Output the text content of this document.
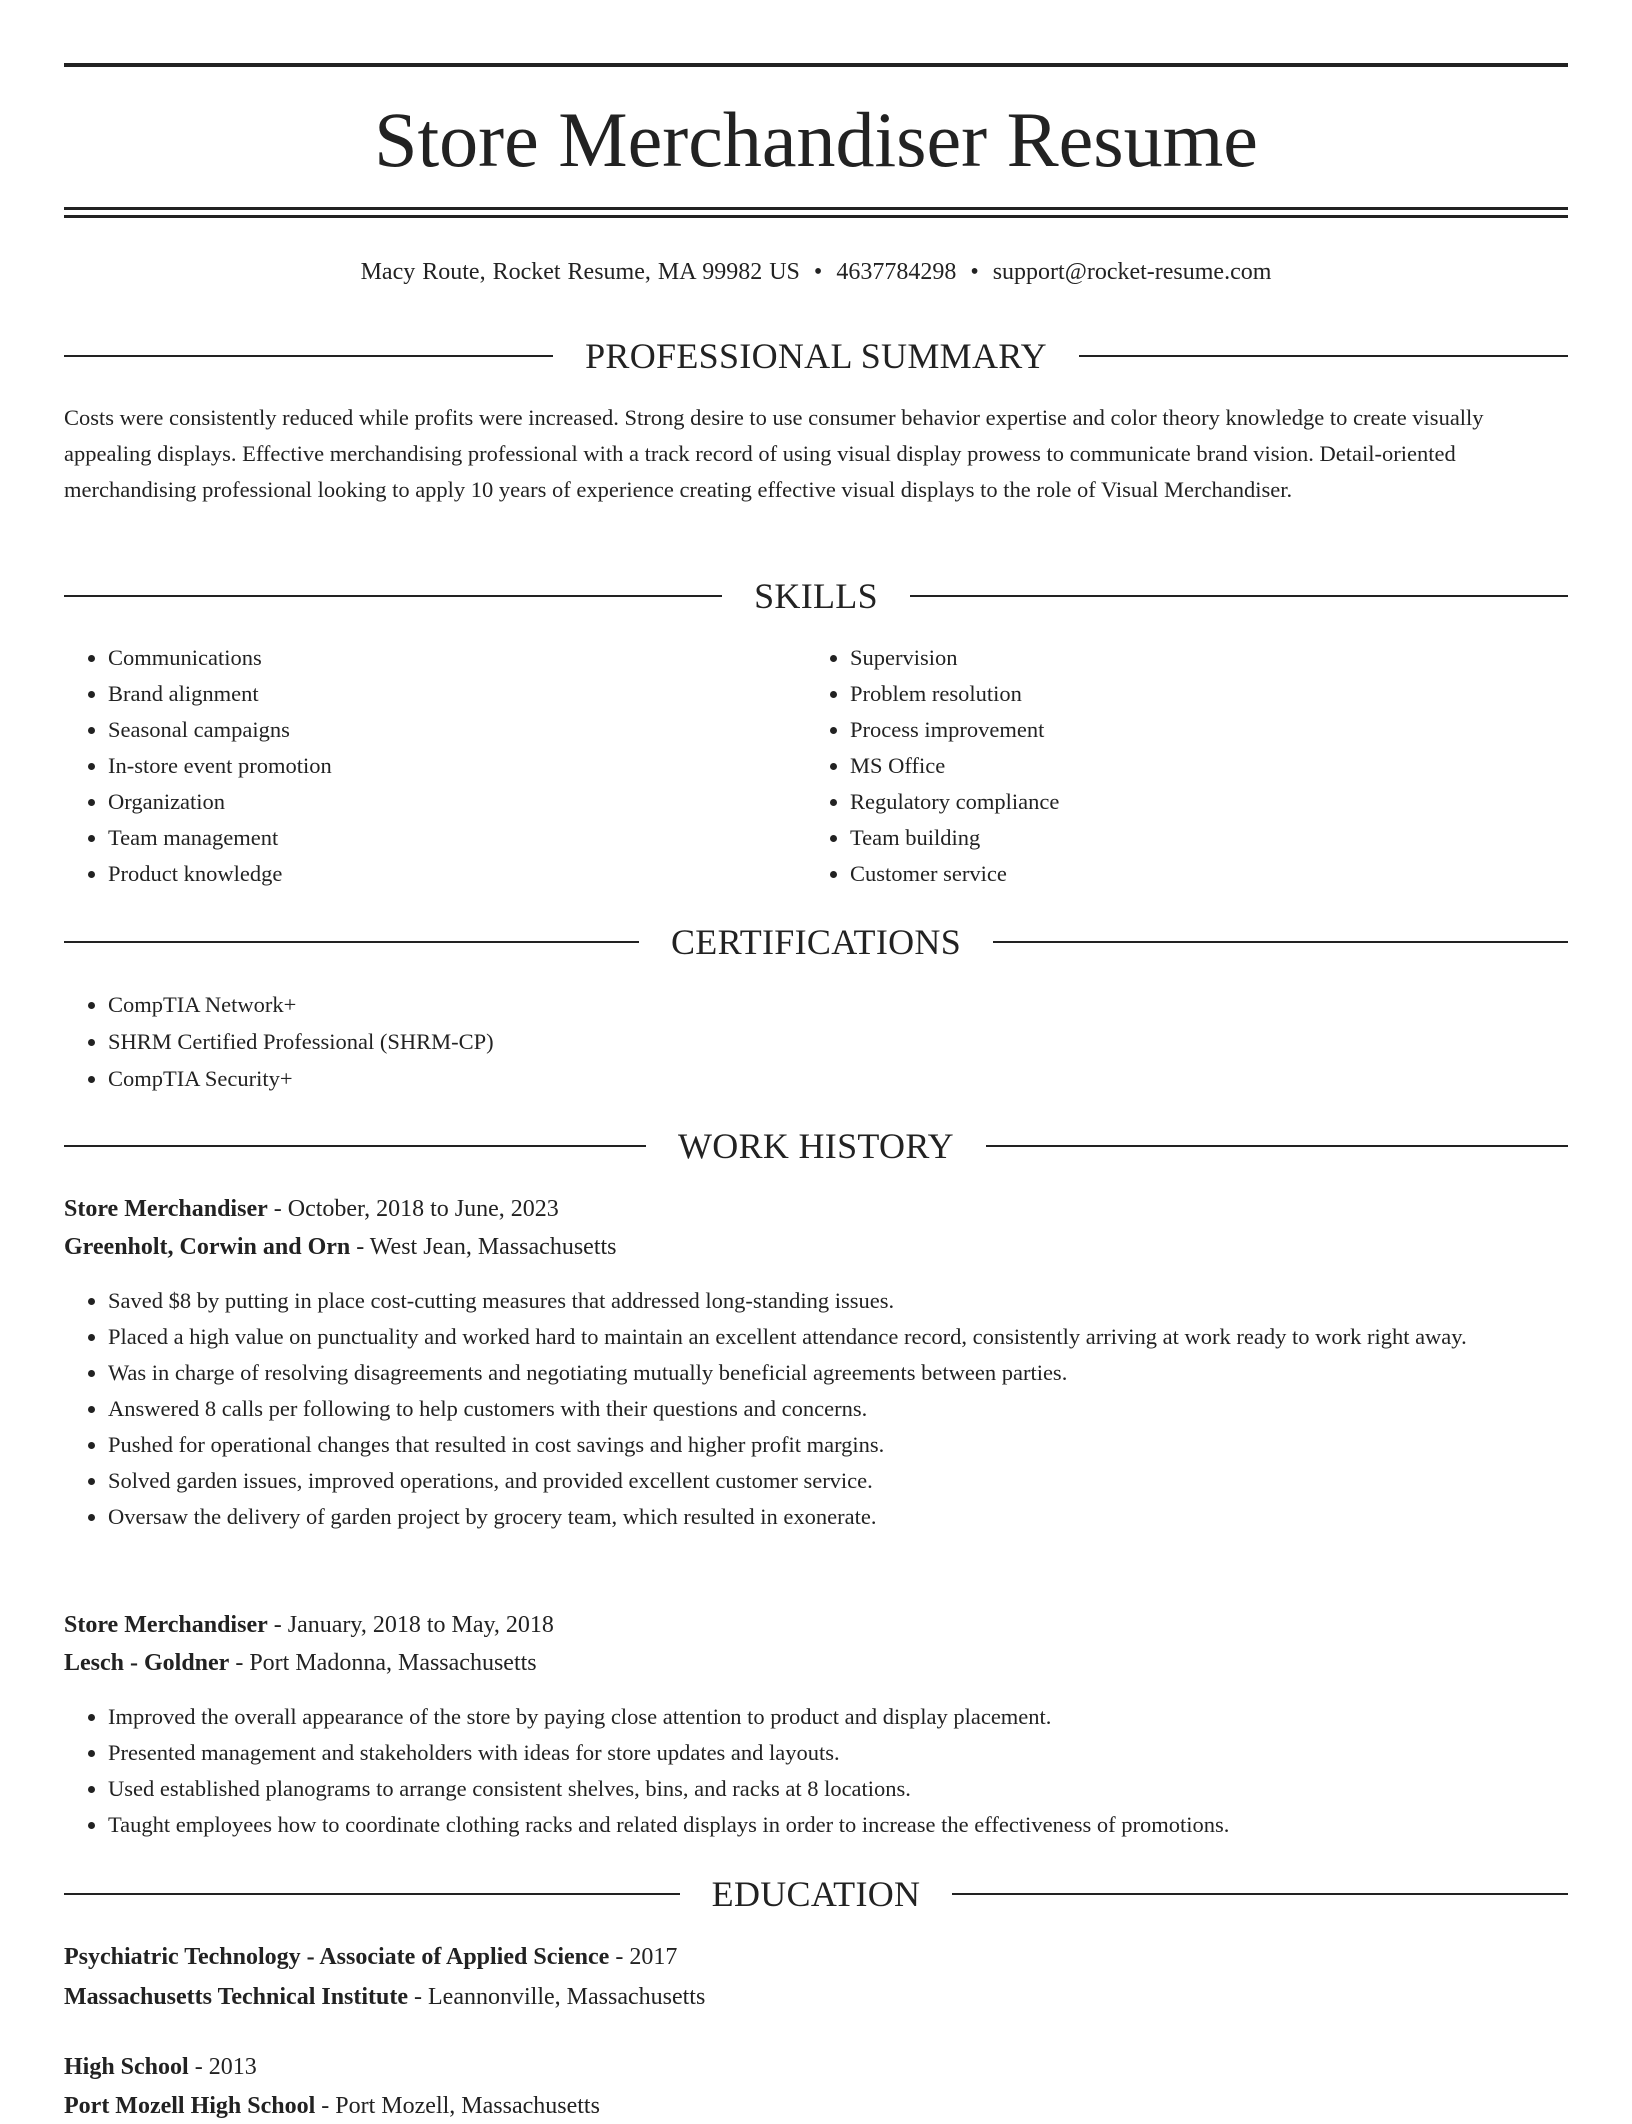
Store Merchandiser Resume
Macy Route, Rocket Resume, MA 99982 US • 4637784298 • support@rocket-resume.com
PROFESSIONAL SUMMARY

Costs were consistently reduced while profits were increased. Strong desire to use consumer behavior expertise and color theory knowledge to create visually appealing displays. Effective merchandising professional with a track record of using visual display prowess to communicate brand vision. Detail-oriented merchandising professional looking to apply 10 years of experience creating effective visual displays to the role of Visual Merchandiser.

SKILLS
• Communications
• Brand alignment
• Seasonal campaigns
• In-store event promotion
• Organization
• Team management
• Product knowledge
• Supervision
• Problem resolution
• Process improvement
• MS Office
• Regulatory compliance
• Team building
• Customer service
CERTIFICATIONS
• CompTIA Network+
• SHRM Certified Professional (SHRM-CP)
• CompTIA Security+
WORK HISTORY
Store Merchandiser - October, 2018 to June, 2023
Greenholt, Corwin and Orn - West Jean, Massachusetts
• Saved $8 by putting in place cost-cutting measures that addressed long-standing issues.
• Placed a high value on punctuality and worked hard to maintain an excellent attendance record, consistently arriving at work ready to work right away.
• Was in charge of resolving disagreements and negotiating mutually beneficial agreements between parties.
• Answered 8 calls per following to help customers with their questions and concerns.
• Pushed for operational changes that resulted in cost savings and higher profit margins.
• Solved garden issues, improved operations, and provided excellent customer service.
• Oversaw the delivery of garden project by grocery team, which resulted in exonerate.
Store Merchandiser - January, 2018 to May, 2018
Lesch - Goldner - Port Madonna, Massachusetts
• Improved the overall appearance of the store by paying close attention to product and display placement.
• Presented management and stakeholders with ideas for store updates and layouts.
• Used established planograms to arrange consistent shelves, bins, and racks at 8 locations.
• Taught employees how to coordinate clothing racks and related displays in order to increase the effectiveness of promotions.
EDUCATION
Psychiatric Technology - Associate of Applied Science - 2017
Massachusetts Technical Institute - Leannonville, Massachusetts
High School - 2013
Port Mozell High School - Port Mozell, Massachusetts
